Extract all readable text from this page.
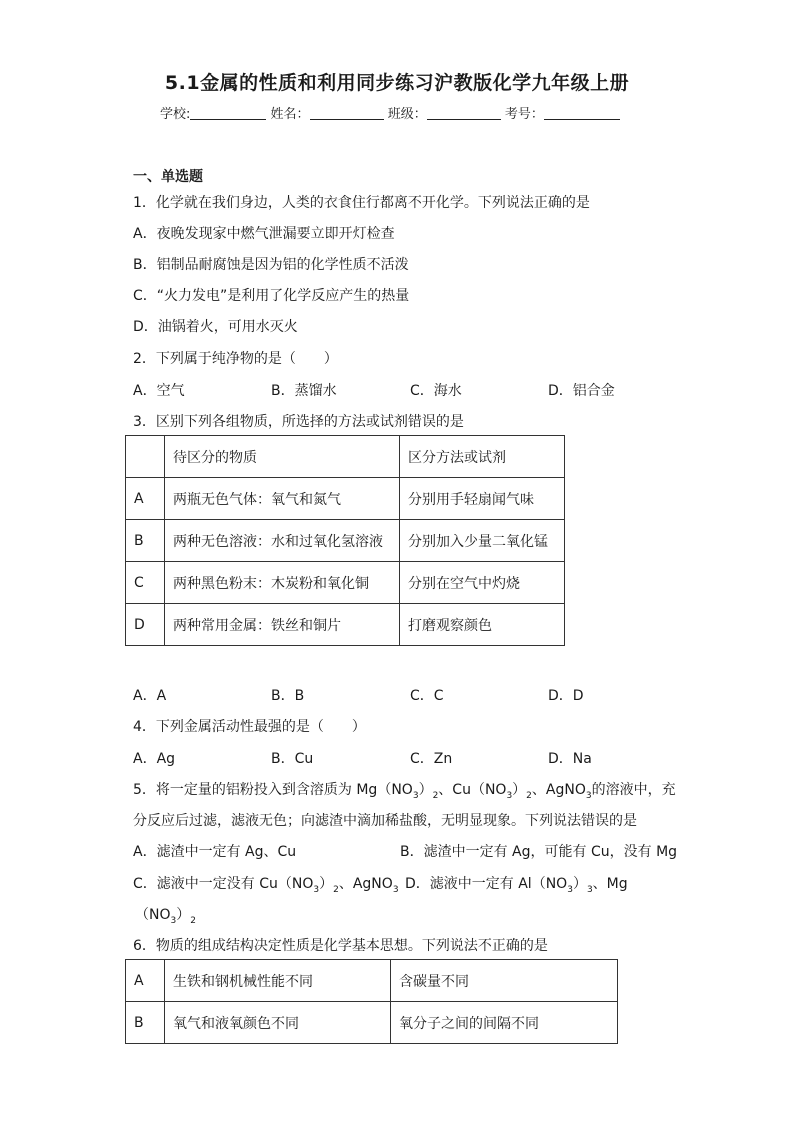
5.1金属的性质和利用同步练习沪教版化学九年级上册
学校:	姓名：	班级：	考号：
一、单选题
1．化学就在我们身边，人类的衣食住行都离不开化学。下列说法正确的是
A．夜晚发现家中燃气泄漏要立即开灯检查
B．铝制品耐腐蚀是因为铝的化学性质不活泼
C．“火力发电”是利用了化学反应产生的热量
D．油锅着火，可用水灭火
2．下列属于纯净物的是（　　）
A．空气	B．蒸馏水	C．海水	D．铝合金
3．区别下列各组物质，所选择的方法或试剂错误的是
	待区分的物质	区分方法或试剂
A	两瓶无色气体：氧气和氮气	分别用手轻扇闻气味
B	两种无色溶液：水和过氧化氢溶液	分别加入少量二氧化锰
C	两种黑色粉末：木炭粉和氧化铜	分别在空气中灼烧
D	两种常用金属：铁丝和铜片	打磨观察颜色
A．A	B．B	C．C	D．D
4．下列金属活动性最强的是（　　）
A．Ag	B．Cu	C．Zn	D．Na
5．将一定量的铝粉投入到含溶质为 $Mg(NO_3)_2$、$Cu(NO_3)_2$、AgNO$_3$的溶液中，充
分反应后过滤，滤液无色；向滤渣中滴加稀盐酸，无明显现象。下列说法错误的是
A．滤渣中一定有 Ag、Cu	B．滤渣中一定有 Ag，可能有 Cu，没有 Mg
C．滤液中一定没有 $Cu(NO_3)_2$、AgNO$_3$ D．滤液中一定有 $Al(NO_3)_3$、Mg
$(NO_3)_2$
6．物质的组成结构决定性质是化学基本思想。下列说法不正确的是
A	生铁和钢机械性能不同	含碳量不同
B	氧气和液氧颜色不同	氧分子之间的间隔不同
